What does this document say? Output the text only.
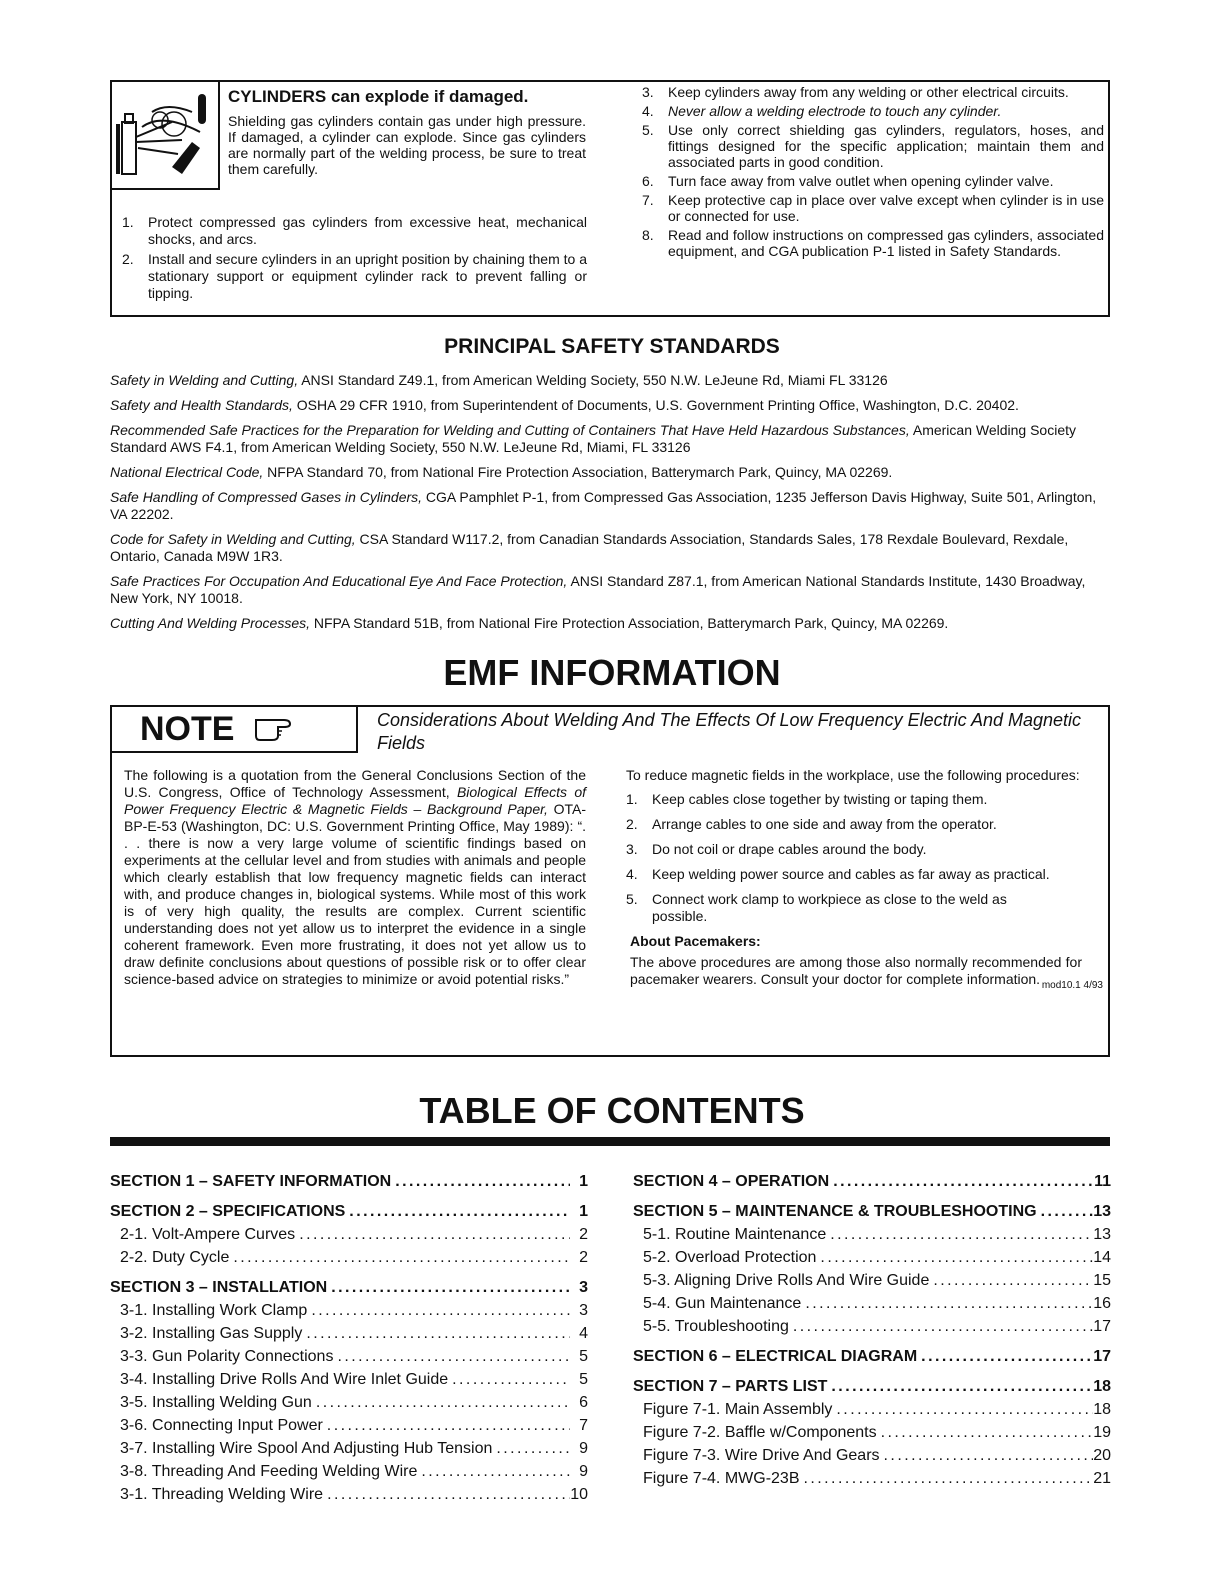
CYLINDERS can explode if damaged.
Shielding gas cylinders contain gas under high pressure. If damaged, a cylinder can explode. Since gas cylinders are normally part of the welding process, be sure to treat them carefully.
1.	Protect compressed gas cylinders from excessive heat, mechanical shocks, and arcs.
2.	Install and secure cylinders in an upright position by chaining them to a stationary support or equipment cylinder rack to prevent falling or tipping.
3.	Keep cylinders away from any welding or other electrical circuits.
4.	Never allow a welding electrode to touch any cylinder.
5.	Use only correct shielding gas cylinders, regulators, hoses, and fittings designed for the specific application; maintain them and associated parts in good condition.
6.	Turn face away from valve outlet when opening cylinder valve.
7.	Keep protective cap in place over valve except when cylinder is in use or connected for use.
8.	Read and follow instructions on compressed gas cylinders, associated equipment, and CGA publication P-1 listed in Safety Standards.
PRINCIPAL SAFETY STANDARDS

Safety in Welding and Cutting, ANSI Standard Z49.1, from American Welding Society, 550 N.W. LeJeune Rd, Miami FL 33126

Safety and Health Standards, OSHA 29 CFR 1910, from Superintendent of Documents, U.S. Government Printing Office, Washington, D.C. 20402.

Recommended Safe Practices for the Preparation for Welding and Cutting of Containers That Have Held Hazardous Substances, American Welding Society Standard AWS F4.1, from American Welding Society, 550 N.W. LeJeune Rd, Miami, FL 33126

National Electrical Code, NFPA Standard 70, from National Fire Protection Association, Batterymarch Park, Quincy, MA 02269.

Safe Handling of Compressed Gases in Cylinders, CGA Pamphlet P-1, from Compressed Gas Association, 1235 Jefferson Davis Highway, Suite 501, Arlington, VA 22202.

Code for Safety in Welding and Cutting, CSA Standard W117.2, from Canadian Standards Association, Standards Sales, 178 Rexdale Boulevard, Rexdale, Ontario, Canada M9W 1R3.

Safe Practices For Occupation And Educational Eye And Face Protection, ANSI Standard Z87.1, from American National Standards Institute, 1430 Broadway, New York, NY 10018.

Cutting And Welding Processes, NFPA Standard 51B, from National Fire Protection Association, Batterymarch Park, Quincy, MA 02269.

EMF INFORMATION
NOTE	Considerations About Welding And The Effects Of Low Frequency Electric And Magnetic Fields
The following is a quotation from the General Conclusions Section of the U.S. Congress, Office of Technology Assessment, Biological Effects of Power Frequency Electric & Magnetic Fields – Background Paper, OTA-BP-E-53 (Washington, DC: U.S. Government Printing Office, May 1989): “. . . there is now a very large volume of scientific findings based on experiments at the cellular level and from studies with animals and people which clearly establish that low frequency magnetic fields can interact with, and produce changes in, biological systems. While most of this work is of very high quality, the results are complex. Current scientific understanding does not yet allow us to interpret the evidence in a single coherent framework. Even more frustrating, it does not yet allow us to draw definite conclusions about questions of possible risk or to offer clear science-based advice on strategies to minimize or avoid potential risks.”
To reduce magnetic fields in the workplace, use the following procedures:
1.	Keep cables close together by twisting or taping them.
2.	Arrange cables to one side and away from the operator.
3.	Do not coil or drape cables around the body.
4.	Keep welding power source and cables as far away as practical.
5.	Connect work clamp to workpiece as close to the weld as possible.
About Pacemakers:
The above procedures are among those also normally recommended for pacemaker wearers. Consult your doctor for complete information. mod10.1 4/93
TABLE OF CONTENTS
SECTION 1 – SAFETY INFORMATION . . .	1
SECTION 2 – SPECIFICATIONS . . .	1
2-1. Volt-Ampere Curves . . .	2
2-2. Duty Cycle . . .	2
SECTION 3 – INSTALLATION . . .	3
3-1. Installing Work Clamp . . .	3
3-2. Installing Gas Supply . . .	4
3-3. Gun Polarity Connections . . .	5
3-4. Installing Drive Rolls And Wire Inlet Guide . . .	5
3-5. Installing Welding Gun . . .	6
3-6. Connecting Input Power . . .	7
3-7. Installing Wire Spool And Adjusting Hub Tension . . .	9
3-8. Threading And Feeding Welding Wire . . .	9
3-1. Threading Welding Wire . . .	10
SECTION 4 – OPERATION . . .	11
SECTION 5 – MAINTENANCE & TROUBLESHOOTING . . .	13
5-1. Routine Maintenance . . .	13
5-2. Overload Protection . . .	14
5-3. Aligning Drive Rolls And Wire Guide . . .	15
5-4. Gun Maintenance . . .	16
5-5. Troubleshooting . . .	17
SECTION 6 – ELECTRICAL DIAGRAM . . .	17
SECTION 7 – PARTS LIST . . .	18
Figure 7-1. Main Assembly . . .	18
Figure 7-2. Baffle w/Components . . .	19
Figure 7-3. Wire Drive And Gears . . .	20
Figure 7-4. MWG-23B . . .	21
